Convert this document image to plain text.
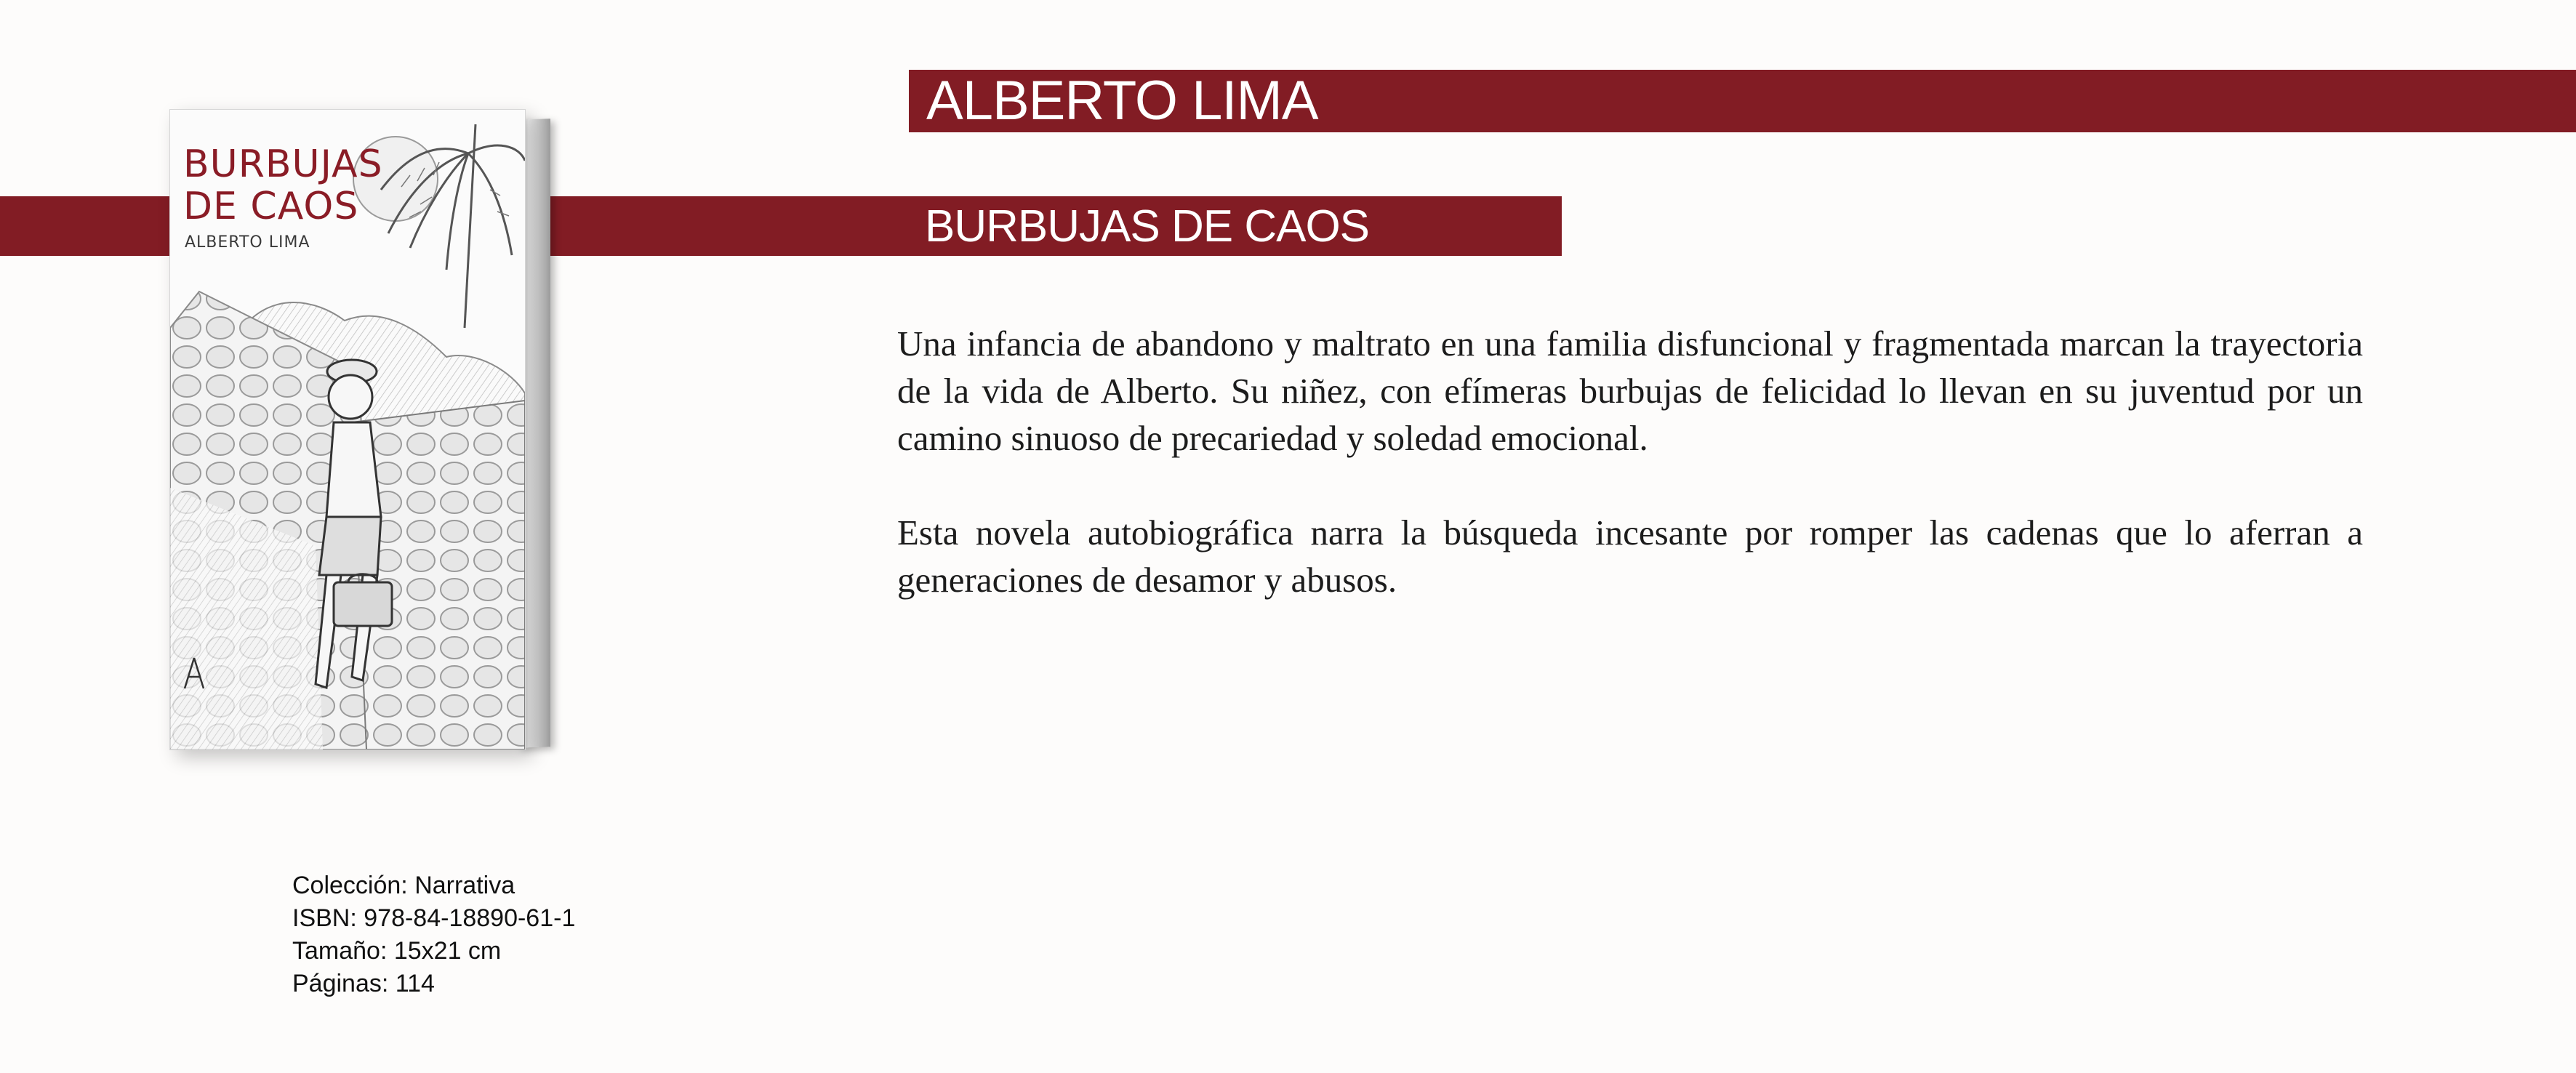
ALBERTO LIMA
BURBUJAS DE CAOS
BURBUJAS
DE CAOS
ALBERTO LIMA

Una infancia de abandono y maltrato en una familia disfuncional y fragmentada marcan la trayectoria de la vida de Alberto. Su niñez, con efímeras burbujas de felicidad lo llevan en su juventud por un camino sinuoso de precariedad y soledad emocional.

Esta novela autobiográfica narra la búsqueda incesante por romper las cadenas que lo aferran a generaciones de desamor y abusos.

Colección: Narrativa
ISBN: 978-84-18890-61-1
Tamaño: 15x21 cm
Páginas: 114
